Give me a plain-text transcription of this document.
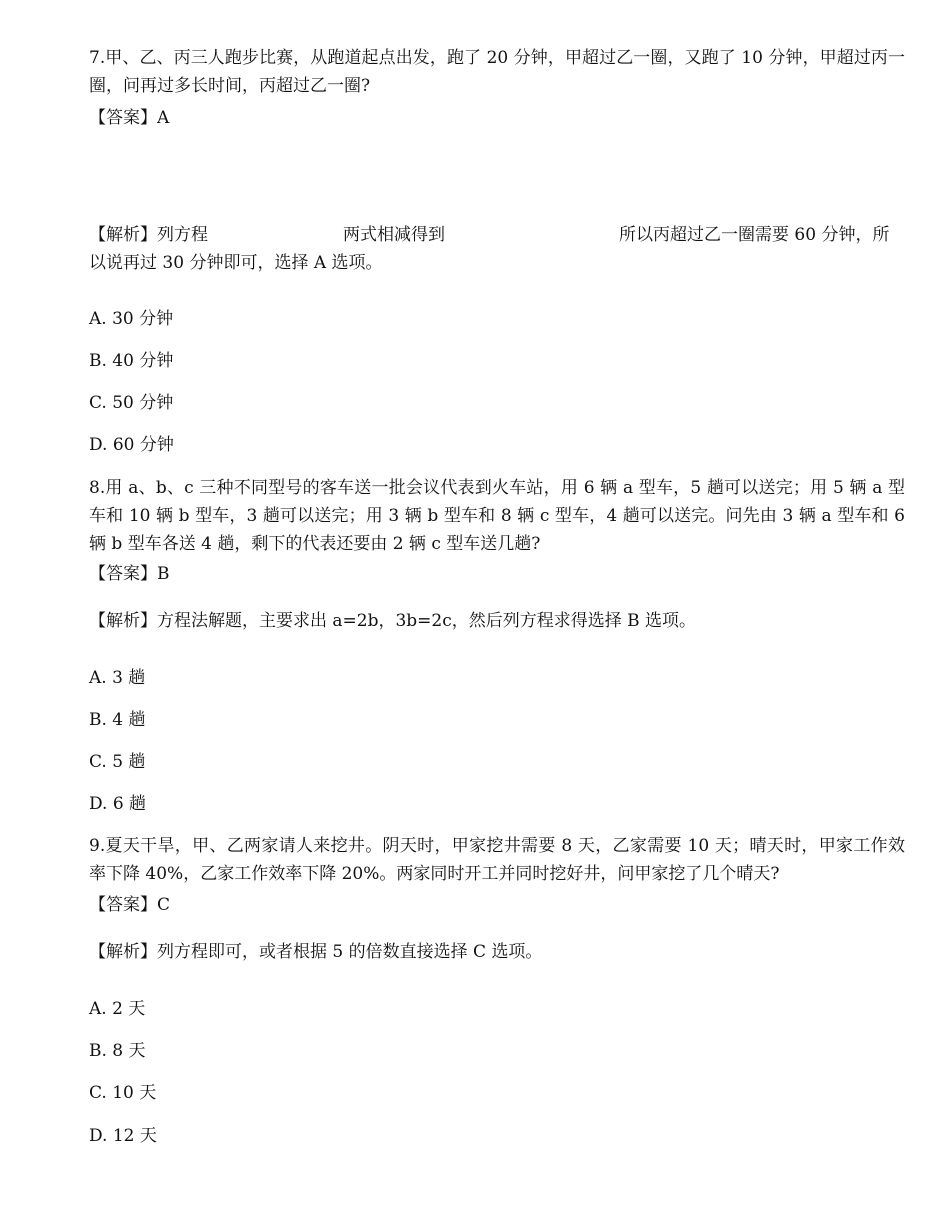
7.甲、乙、丙三人跑步比赛，从跑道起点出发，跑了 20 分钟，甲超过乙一圈，又跑了 10 分钟，甲超过丙一圈，问再过多长时间，丙超过乙一圈?

【答案】A
【解析】列方程	两式相减得到	所以丙超过乙一圈需要 60 分钟，所
以说再过 30 分钟即可，选择 A 选项。
A. 30 分钟
B. 40 分钟
C. 50 分钟
D. 60 分钟

8.用 a、b、c 三种不同型号的客车送一批会议代表到火车站，用 6 辆 a 型车，5 趟可以送完；用 5 辆 a 型车和 10 辆 b 型车，3 趟可以送完；用 3 辆 b 型车和 8 辆 c 型车，4 趟可以送完。问先由 3 辆 a 型车和 6 辆 b 型车各送 4 趟，剩下的代表还要由 2 辆 c 型车送几趟?

【答案】B
【解析】方程法解题，主要求出 a=2b，3b=2c，然后列方程求得选择 B 选项。
A. 3 趟
B. 4 趟
C. 5 趟
D. 6 趟

9.夏天干旱，甲、乙两家请人来挖井。阴天时，甲家挖井需要 8 天，乙家需要 10 天；晴天时，甲家工作效率下降 40%，乙家工作效率下降 20%。两家同时开工并同时挖好井，问甲家挖了几个晴天?

【答案】C
【解析】列方程即可，或者根据 5 的倍数直接选择 C 选项。
A. 2 天
B. 8 天
C. 10 天
D. 12 天
